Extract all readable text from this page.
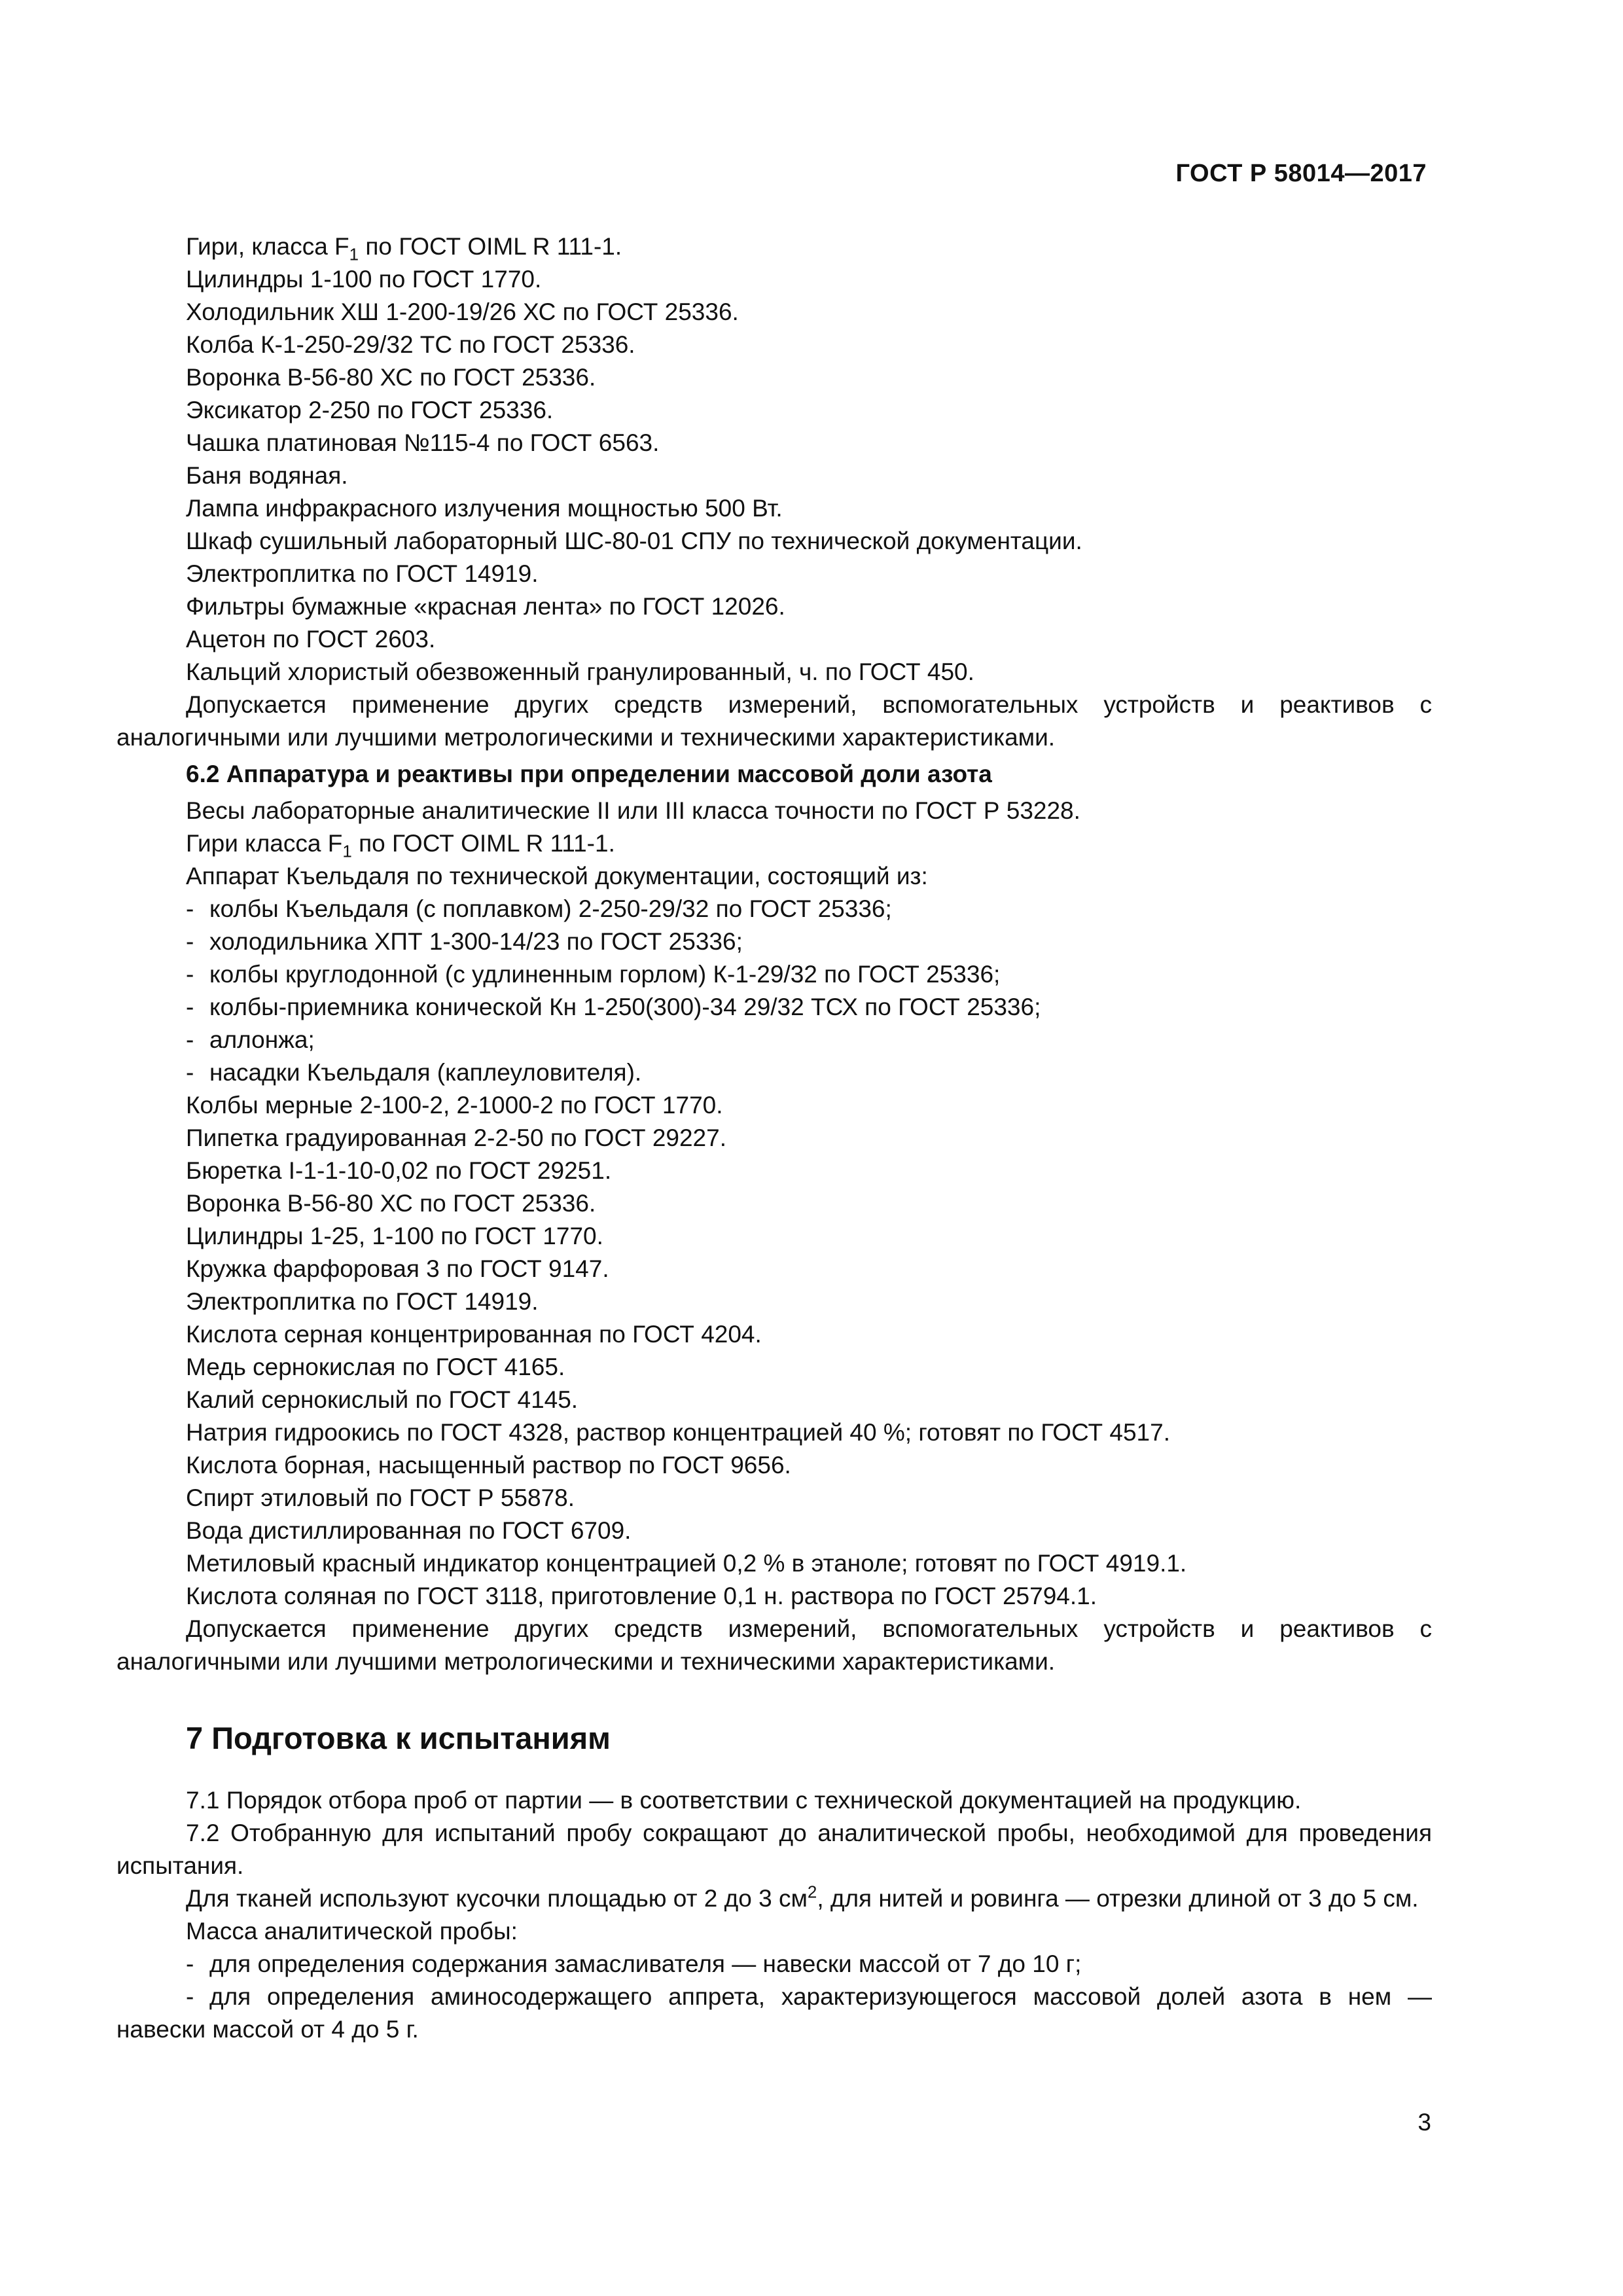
ГОСТ Р 58014—2017

Гири, класса $F_1$ по ГОСТ OIML R 111-1.

Цилиндры 1-100 по ГОСТ 1770.

Холодильник ХШ 1-200-19/26 ХС по ГОСТ 25336.

Колба К-1-250-29/32 ТС по ГОСТ 25336.

Воронка В-56-80 ХС по ГОСТ 25336.

Эксикатор 2-250 по ГОСТ 25336.

Чашка платиновая №115-4 по ГОСТ 6563.

Баня водяная.

Лампа инфракрасного излучения мощностью 500 Вт.

Шкаф сушильный лабораторный ШС-80-01 СПУ по технической документации.

Электроплитка по ГОСТ 14919.

Фильтры бумажные «красная лента» по ГОСТ 12026.

Ацетон по ГОСТ 2603.

Кальций хлористый обезвоженный гранулированный, ч. по ГОСТ 450.

Допускается применение других средств измерений, вспомогательных устройств и реактивов с аналогичными или лучшими метрологическими и техническими характеристиками.

6.2 Аппаратура и реактивы при определении массовой доли азота

Весы лабораторные аналитические II или III класса точности по ГОСТ Р 53228.

Гири класса $F_1$ по ГОСТ OIML R 111-1.

Аппарат Къельдаля по технической документации, состоящий из:

- колбы Къельдаля (с поплавком) 2-250-29/32 по ГОСТ 25336;

- холодильника ХПТ 1-300-14/23 по ГОСТ 25336;

- колбы круглодонной (с удлиненным горлом) К-1-29/32 по ГОСТ 25336;

- колбы-приемника конической Кн 1-250(300)-34 29/32 ТСХ по ГОСТ 25336;

- аллонжа;

- насадки Къельдаля (каплеуловителя).

Колбы мерные 2-100-2, 2-1000-2 по ГОСТ 1770.

Пипетка градуированная 2-2-50 по ГОСТ 29227.

Бюретка I-1-1-10-0,02 по ГОСТ 29251.

Воронка В-56-80 ХС по ГОСТ 25336.

Цилиндры 1-25, 1-100 по ГОСТ 1770.

Кружка фарфоровая 3 по ГОСТ 9147.

Электроплитка по ГОСТ 14919.

Кислота серная концентрированная по ГОСТ 4204.

Медь сернокислая по ГОСТ 4165.

Калий сернокислый по ГОСТ 4145.

Натрия гидроокись по ГОСТ 4328, раствор концентрацией 40 %; готовят по ГОСТ 4517.

Кислота борная, насыщенный раствор по ГОСТ 9656.

Спирт этиловый по ГОСТ Р 55878.

Вода дистиллированная по ГОСТ 6709.

Метиловый красный индикатор концентрацией 0,2 % в этаноле; готовят по ГОСТ 4919.1.

Кислота соляная по ГОСТ 3118, приготовление 0,1 н. раствора по ГОСТ 25794.1.

Допускается применение других средств измерений, вспомогательных устройств и реактивов с аналогичными или лучшими метрологическими и техническими характеристиками.

7 Подготовка к испытаниям

7.1 Порядок отбора проб от партии — в соответствии с технической документацией на продукцию.

7.2 Отобранную для испытаний пробу сокращают до аналитической пробы, необходимой для проведения испытания.

Для тканей используют кусочки площадью от 2 до 3 $см^2$, для нитей и ровинга — отрезки длиной от 3 до 5 см.

Масса аналитической пробы:

- для определения содержания замасливателя — навески массой от 7 до 10 г;

- для определения аминосодержащего аппрета, характеризующегося массовой долей азота в нем — навески массой от 4 до 5 г.

3
